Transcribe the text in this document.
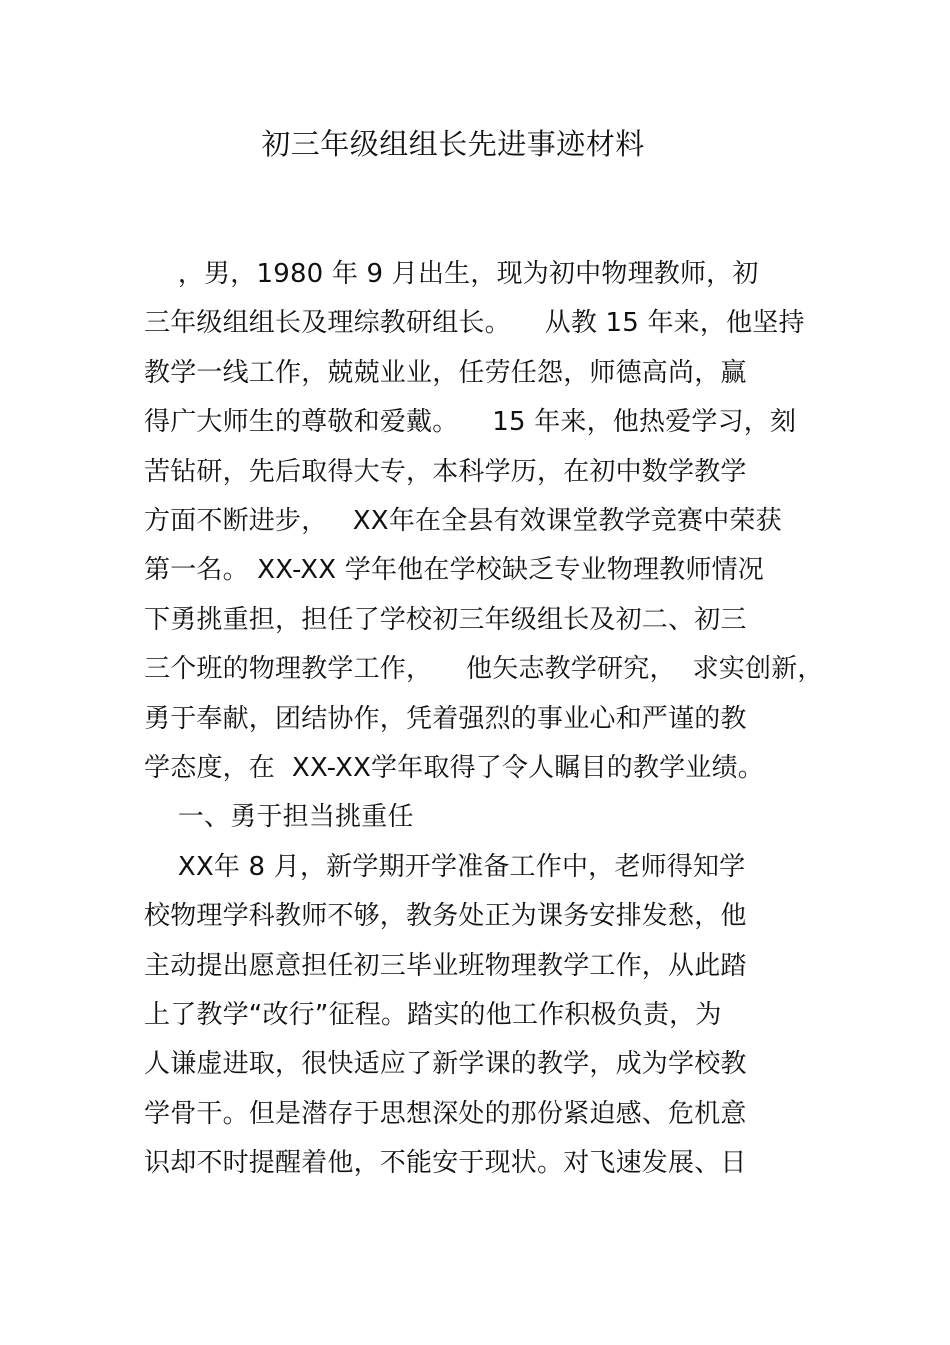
初三年级组组长先进事迹材料
，男，1980 年 9 月出生，现为初中物理教师，初
三年级组组长及理综教研组长。    从教 15 年来，他坚持
教学一线工作，兢兢业业，任劳任怨，师德高尚，赢
得广大师生的尊敬和爱戴。    15 年来，他热爱学习，刻
苦钻研，先后取得大专，本科学历，在初中数学教学
方面不断进步，   XX年在全县有效课堂教学竞赛中荣获
第一名。 XX-XX 学年他在学校缺乏专业物理教师情况
下勇挑重担，担任了学校初三年级组长及初二、初三
三个班的物理教学工作，    他矢志教学研究，  求实创新，
勇于奉献，团结协作，凭着强烈的事业心和严谨的教
学态度，在  XX-XX学年取得了令人瞩目的教学业绩。
一、勇于担当挑重任
XX年 8 月，新学期开学准备工作中，老师得知学
校物理学科教师不够，教务处正为课务安排发愁，他
主动提出愿意担任初三毕业班物理教学工作，从此踏
上了教学“改行”征程。踏实的他工作积极负责，为
人谦虚进取，很快适应了新学课的教学，成为学校教
学骨干。但是潜存于思想深处的那份紧迫感、危机意
识却不时提醒着他，不能安于现状。对飞速发展、日
